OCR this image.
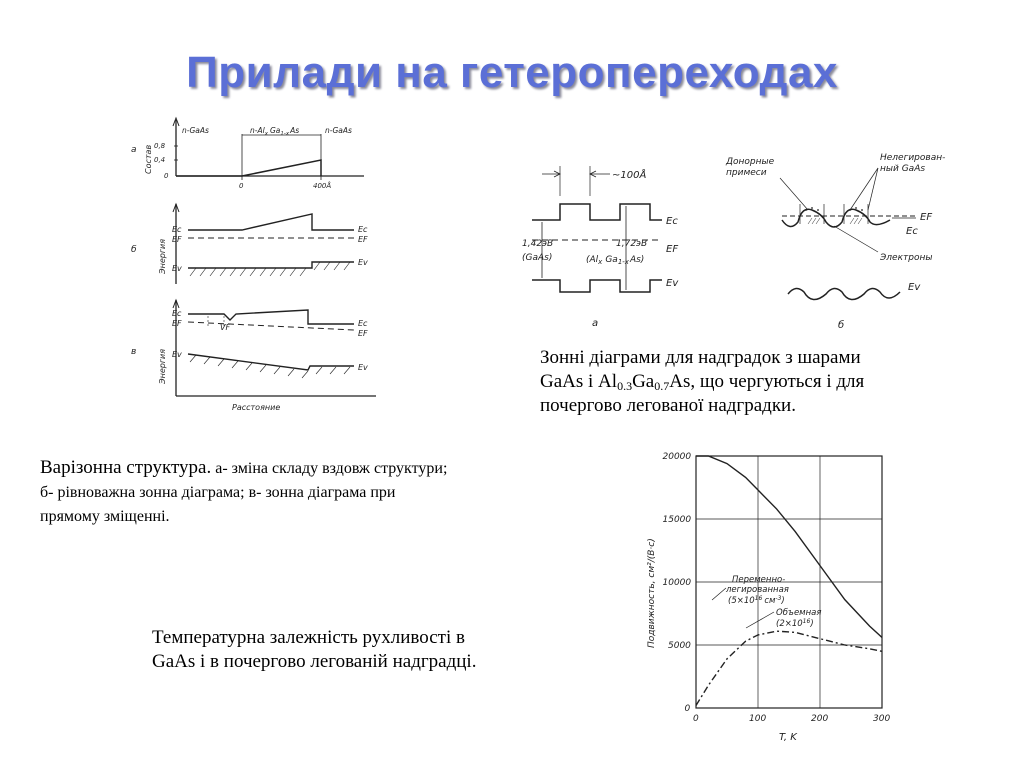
Прилади на гетеропереходах
а Состав
n-GaAs	$n-Al_x$ $Ga_{1-x}As$	n-GaAs
0,8
0,4
0
0	400Å
б	Энергия
Ec
EF
Ev
Ec
EF
Ev
в	Энергия
Ec
EF
Ev
VF	Ec
EF
Ev
Расстояние
~100Å
1,42эВ
(GaAs)
1,72эВ
($Al_x$ $Ga_{1-x}As$)
Ec
EF
Ev
а
Донорные
примеси
Нелегирован-
ный GaAs
EF
Ec
Электроны
Ev
б
Зонні діаграми для надградок з шарами
GaAs і $Al_{0.3}Ga_{0.7}As$, що чергуються і для
почергово легованої надградки.
Варізонна структура. а- зміна складу вздовж структури;
б- рівноважна зонна діаграма; в- зонна діаграма при
прямому зміщенні.
Температурна залежність рухливості в
GaAs і в почергово легованій надградці.
0	100	200	300
0
5000
10000
15000
20000
T, K
Подвижность, см²/(В·с)	Переменно-
легированная
($5\times 10^{16}$ $см^{-3}$)
Объемная
$(2\times 10^{16})$
